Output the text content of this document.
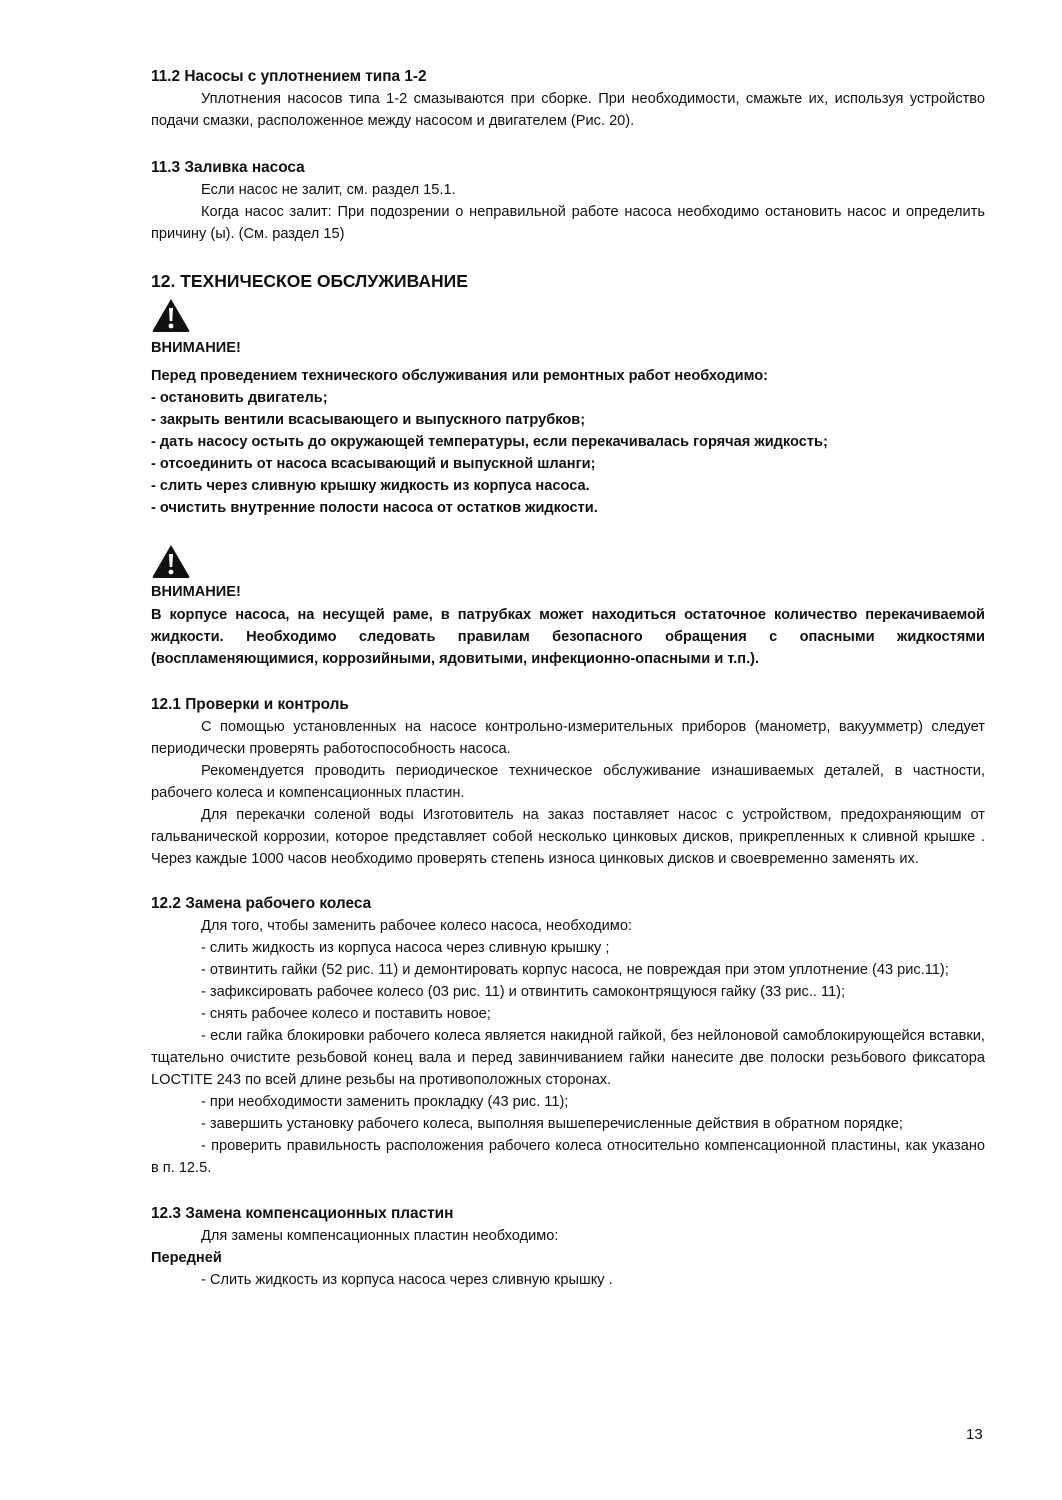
11.2 Насосы с уплотнением типа 1-2

Уплотнения насосов типа 1-2 смазываются при сборке. При необходимости, смажьте их, используя устройство подачи смазки, расположенное между насосом и двигателем (Рис. 20).

11.3 Заливка насоса

Если насос не залит, см. раздел 15.1.

Когда насос залит: При подозрении о неправильной работе насоса необходимо остановить насос и определить причину (ы). (См. раздел 15)

12. ТЕХНИЧЕСКОЕ ОБСЛУЖИВАНИЕ

ВНИМАНИЕ!

Перед проведением технического обслуживания или ремонтных работ необходимо:

- остановить двигатель;

- закрыть вентили всасывающего и выпускного патрубков;

- дать насосу остыть до окружающей температуры, если перекачивалась горячая жидкость;

- отсоединить от насоса всасывающий и выпускной шланги;

- слить через сливную крышку жидкость из корпуса насоса.

- очистить внутренние полости насоса от остатков жидкости.

ВНИМАНИЕ!

В корпусе насоса, на несущей раме, в патрубках может находиться остаточное количество перекачиваемой жидкости. Необходимо следовать правилам безопасного обращения с опасными жидкостями (воспламеняющимися, коррозийными, ядовитыми, инфекционно-опасными и т.п.).

12.1 Проверки и контроль

С помощью установленных на насосе контрольно-измерительных приборов (манометр, вакуумметр) следует периодически проверять работоспособность насоса.

Рекомендуется проводить периодическое техническое обслуживание изнашиваемых деталей, в частности, рабочего колеса и компенсационных пластин.

Для перекачки соленой воды Изготовитель на заказ поставляет насос с устройством, предохраняющим от гальванической коррозии, которое представляет собой несколько цинковых дисков, прикрепленных к сливной крышке . Через каждые 1000 часов необходимо проверять степень износа цинковых дисков и своевременно заменять их.

12.2 Замена рабочего колеса

Для того, чтобы заменить рабочее колесо насоса, необходимо:

- слить жидкость из корпуса насоса через сливную крышку ;

- отвинтить гайки (52 рис. 11) и демонтировать корпус насоса, не повреждая при этом уплотнение (43 рис.11);

- зафиксировать рабочее колесо (03 рис. 11) и отвинтить самоконтрящуюся гайку (33 рис.. 11);

- снять рабочее колесо и поставить новое;

- если гайка блокировки рабочего колеса является накидной гайкой, без нейлоновой самоблокирующейся вставки, тщательно очистите резьбовой конец вала и перед завинчиванием гайки нанесите две полоски резьбового фиксатора LOCTITE 243 по всей длине резьбы на противоположных сторонах.

- при необходимости заменить прокладку (43 рис. 11);

- завершить установку рабочего колеса, выполняя вышеперечисленные действия в обратном порядке;

- проверить правильность расположения рабочего колеса относительно компенсационной пластины, как указано в п. 12.5.

12.3 Замена компенсационных пластин

Для замены компенсационных пластин необходимо:

Передней

- Слить жидкость из корпуса насоса через сливную крышку .

13
